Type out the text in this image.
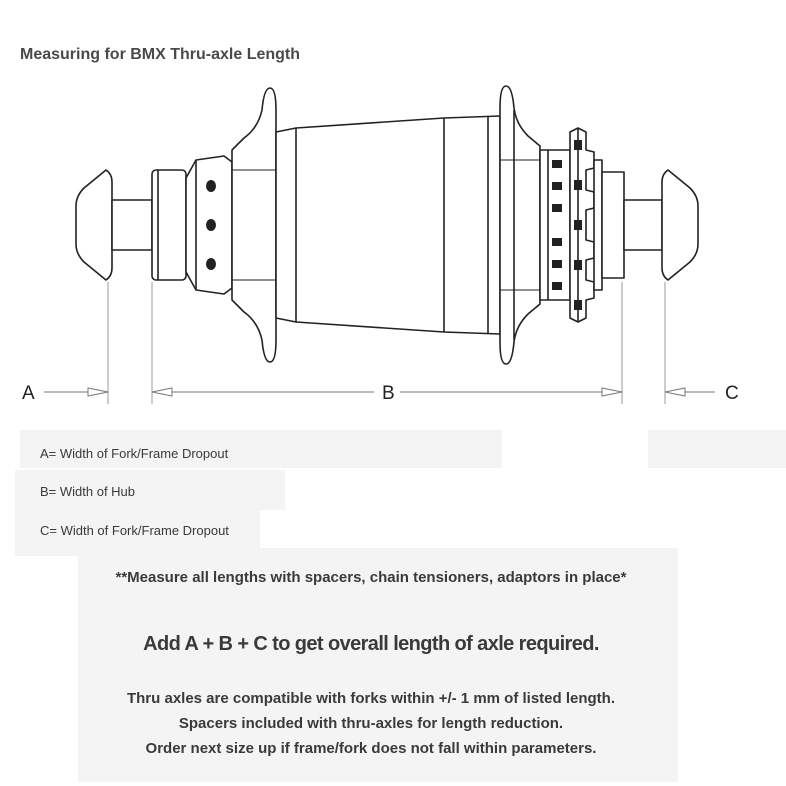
Measuring for BMX Thru-axle Length
A	B	C
A= Width of Fork/Frame Dropout
B= Width of Hub
C= Width of Fork/Frame Dropout
**Measure all lengths with spacers, chain tensioners, adaptors in place*
Add A + B + C to get overall length of axle required.
Thru axles are compatible with forks within +/- 1 mm of listed length.
Spacers included with thru-axles for length reduction.
Order next size up if frame/fork does not fall within parameters.
